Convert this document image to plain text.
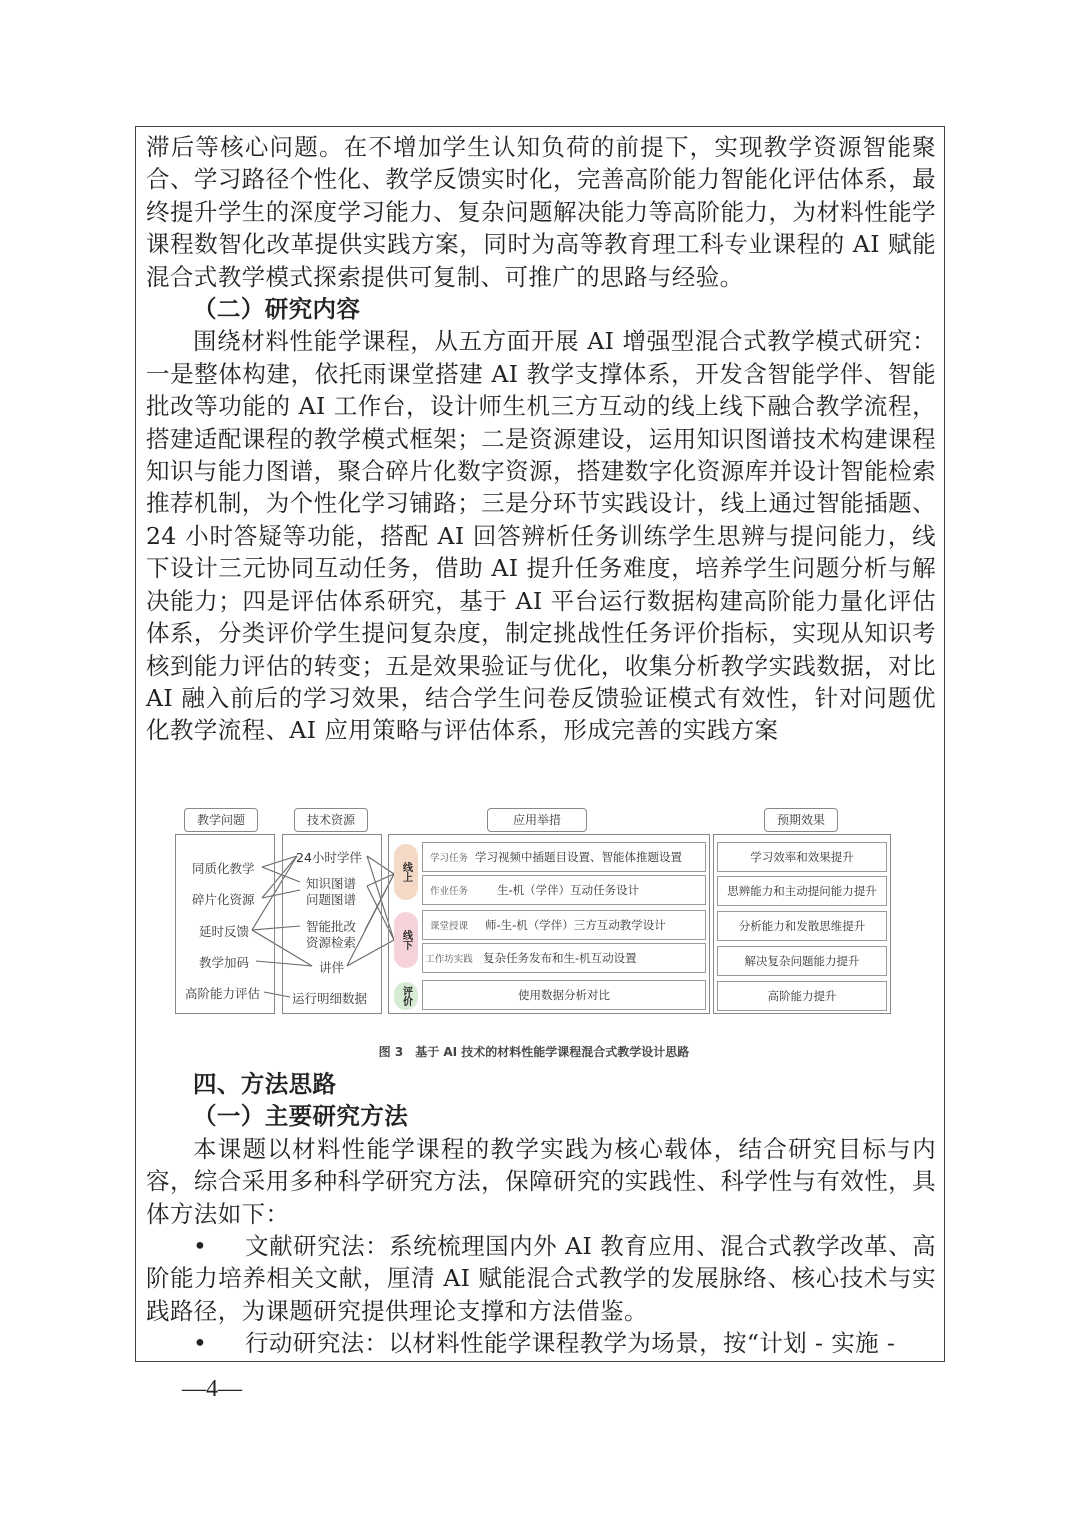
滞后等核心问题。在不增加学生认知负荷的前提下，实现教学资源智能聚合、学习路径个性化、教学反馈实时化，完善高阶能力智能化评估体系，最终提升学生的深度学习能力、复杂问题解决能力等高阶能力，为材料性能学课程数智化改革提供实践方案，同时为高等教育理工科专业课程的 AI 赋能混合式教学模式探索提供可复制、可推广的思路与经验。

（二）研究内容

围绕材料性能学课程，从五方面开展 AI 增强型混合式教学模式研究：一是整体构建，依托雨课堂搭建 AI 教学支撑体系，开发含智能学伴、智能批改等功能的 AI 工作台，设计师生机三方互动的线上线下融合教学流程，搭建适配课程的教学模式框架；二是资源建设，运用知识图谱技术构建课程知识与能力图谱，聚合碎片化数字资源，搭建数字化资源库并设计智能检索推荐机制，为个性化学习铺路；三是分环节实践设计，线上通过智能插题、24 小时答疑等功能，搭配 AI 回答辨析任务训练学生思辨与提问能力，线下设计三元协同互动任务，借助 AI 提升任务难度，培养学生问题分析与解决能力；四是评估体系研究，基于 AI 平台运行数据构建高阶能力量化评估体系，分类评价学生提问复杂度，制定挑战性任务评价指标，实现从知识考核到能力评估的转变；五是效果验证与优化，收集分析教学实践数据，对比 AI 融入前后的学习效果，结合学生问卷反馈验证模式有效性，针对问题优化教学流程、AI 应用策略与评估体系，形成完善的实践方案

教学问题	技术资源	应用举措	预期效果
同质化教学
碎片化资源
延时反馈
教学加码
高阶能力评估
24小时学伴
知识图谱
问题图谱
智能批改
资源检索
讲伴
运行明细数据
线上
线下
评价
学习任务 学习视频中插题目设置、智能体推题设置
作业任务	生-机（学伴）互动任务设计
课堂授课	师-生-机（学伴）三方互动教学设计
工作坊实践 复杂任务发布和生-机互动设置
使用数据分析对比
学习效率和效果提升
思辨能力和主动提问能力提升
分析能力和发散思维提升
解决复杂问题能力提升
高阶能力提升
图 3　基于 AI 技术的材料性能学课程混合式教学设计思路

四、方法思路

（一）主要研究方法

本课题以材料性能学课程的教学实践为核心载体，结合研究目标与内容，综合采用多种科学研究方法，保障研究的实践性、科学性与有效性，具体方法如下：

• 文献研究法：系统梳理国内外 AI 教育应用、混合式教学改革、高阶能力培养相关文献，厘清 AI 赋能混合式教学的发展脉络、核心技术与实践路径，为课题研究提供理论支撑和方法借鉴。

• 行动研究法：以材料性能学课程教学为场景，按“计划 - 实施 -

—4—
